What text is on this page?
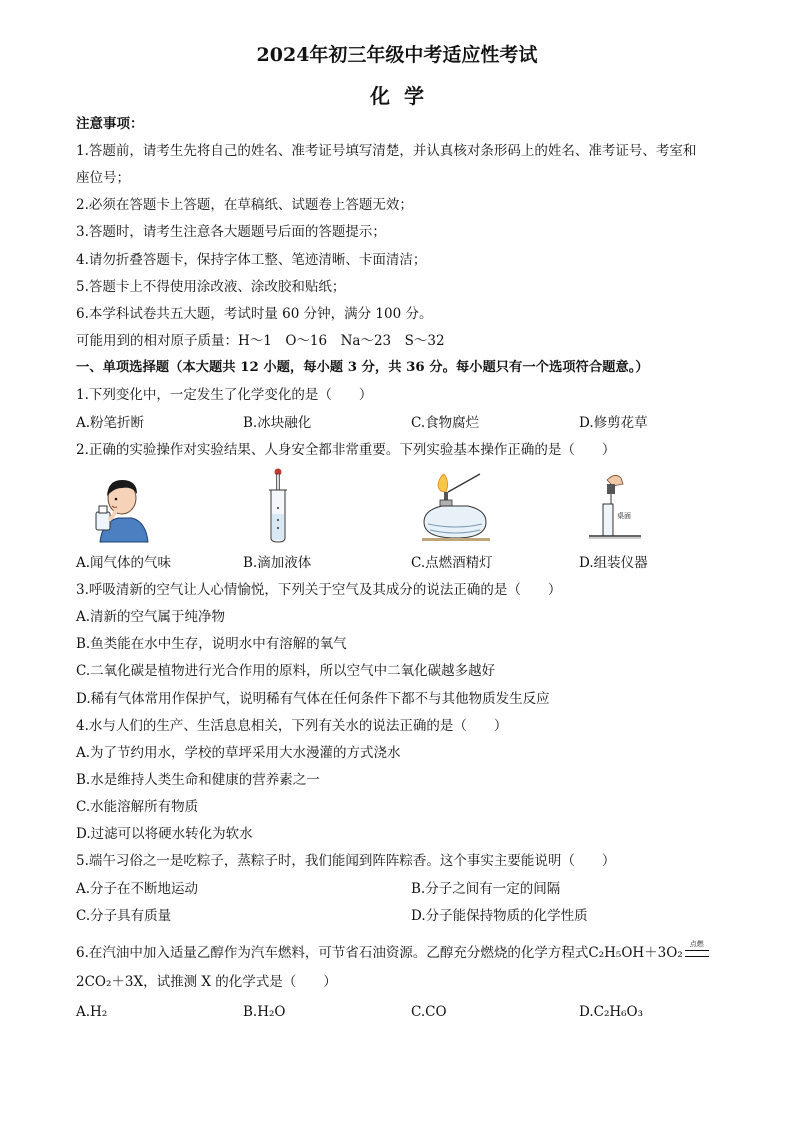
2024年初三年级中考适应性考试
化学
注意事项：
1.答题前，请考生先将自己的姓名、准考证号填写清楚，并认真核对条形码上的姓名、准考证号、考室和
座位号；
2.必须在答题卡上答题，在草稿纸、试题卷上答题无效；
3.答题时，请考生注意各大题题号后面的答题提示；
4.请勿折叠答题卡，保持字体工整、笔迹清晰、卡面清洁；
5.答题卡上不得使用涂改液、涂改胶和贴纸；
6.本学科试卷共五大题，考试时量 60 分钟，满分 100 分。
可能用到的相对原子质量：H～1　O～16　Na～23　S～32
一、单项选择题（本大题共 12 小题，每小题 3 分，共 36 分。每小题只有一个选项符合题意。）
1.下列变化中，一定发生了化学变化的是（　　）
A.粉笔折断	B.冰块融化	C.食物腐烂	D.修剪花草
2.正确的实验操作对实验结果、人身安全都非常重要。下列实验基本操作正确的是（　　）
桌面
A.闻气体的气味	B.滴加液体	C.点燃酒精灯	D.组装仪器
3.呼吸清新的空气让人心情愉悦，下列关于空气及其成分的说法正确的是（　　）
A.清新的空气属于纯净物
B.鱼类能在水中生存，说明水中有溶解的氧气
C.二氧化碳是植物进行光合作用的原料，所以空气中二氧化碳越多越好
D.稀有气体常用作保护气，说明稀有气体在任何条件下都不与其他物质发生反应
4.水与人们的生产、生活息息相关，下列有关水的说法正确的是（　　）
A.为了节约用水，学校的草坪采用大水漫灌的方式浇水
B.水是维持人类生命和健康的营养素之一
C.水能溶解所有物质
D.过滤可以将硬水转化为软水
5.端午习俗之一是吃粽子，蒸粽子时，我们能闻到阵阵粽香。这个事实主要能说明（　　）
A.分子在不断地运动	B.分子之间有一定的间隔
C.分子具有质量	D.分子能保持物质的化学性质
6.在汽油中加入适量乙醇作为汽车燃料，可节省石油资源。乙醇充分燃烧的化学方程式C₂H₅OH＋3O₂
点燃
2CO₂＋3X，试推测 X 的化学式是（　　）
A.H₂	B.H₂O	C.CO	D.C₂H₆O₃
